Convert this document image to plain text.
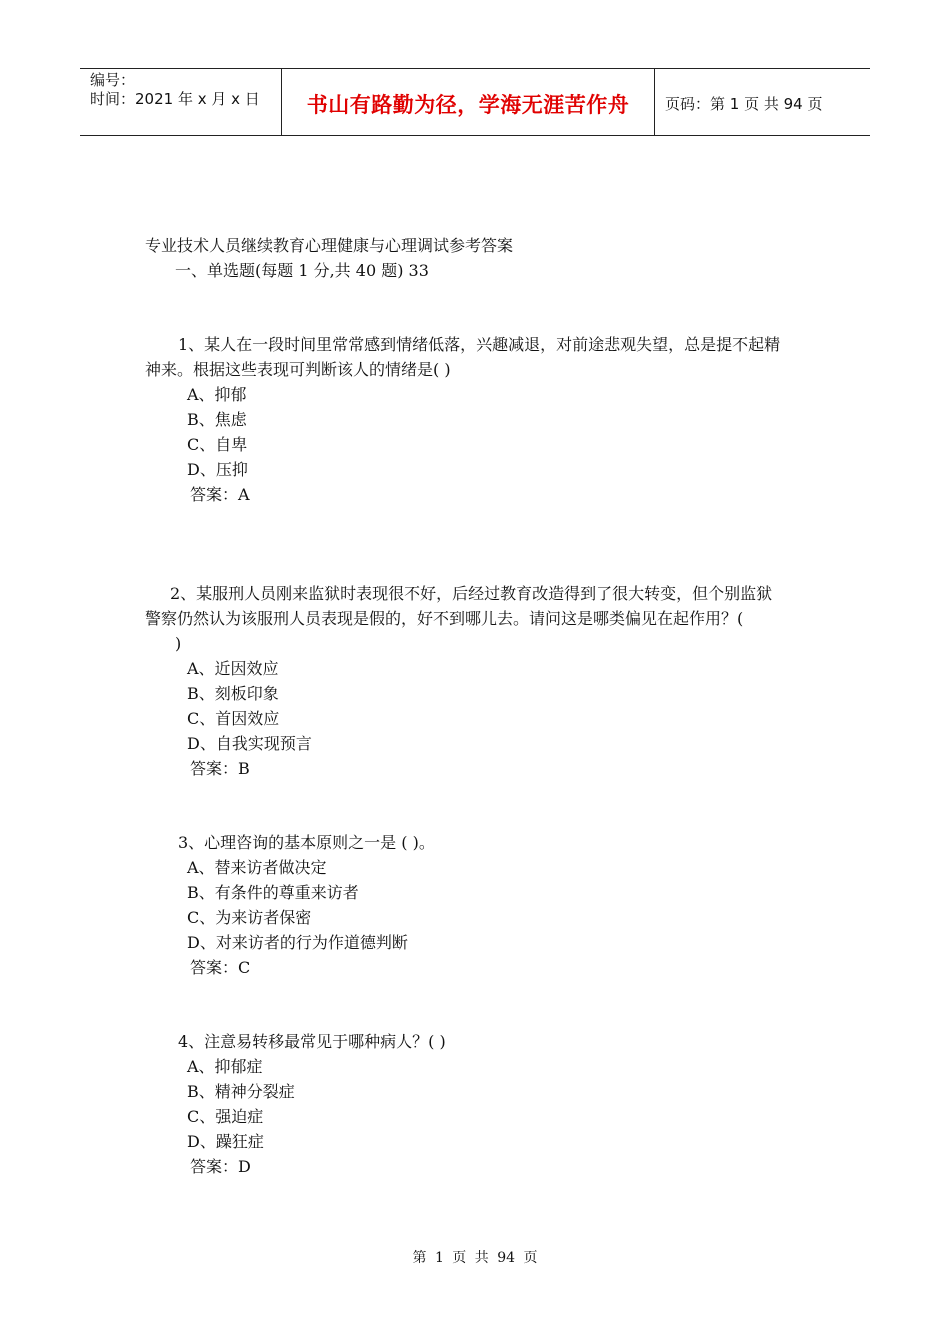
编号：
时间：2021 年 x 月 x 日	书山有路勤为径，学海无涯苦作舟	页码：第 1 页 共 94 页
专业技术人员继续教育心理健康与心理调试参考答案
一、单选题(每题 1 分,共 40 题) 33
1、某人在一段时间里常常感到情绪低落，兴趣减退，对前途悲观失望，总是提不起精
神来。根据这些表现可判断该人的情绪是( )
A、抑郁
B、焦虑
C、自卑
D、压抑
答案：A
2、某服刑人员刚来监狱时表现很不好，后经过教育改造得到了很大转变，但个别监狱
警察仍然认为该服刑人员表现是假的，好不到哪儿去。请问这是哪类偏见在起作用？(
)
A、近因效应
B、刻板印象
C、首因效应
D、自我实现预言
答案：B
3、心理咨询的基本原则之一是 ( )。
A、替来访者做决定
B、有条件的尊重来访者
C、为来访者保密
D、对来访者的行为作道德判断
答案：C
4、注意易转移最常见于哪种病人？( )
A、抑郁症
B、精神分裂症
C、强迫症
D、躁狂症
答案：D
第 1 页 共 94 页
